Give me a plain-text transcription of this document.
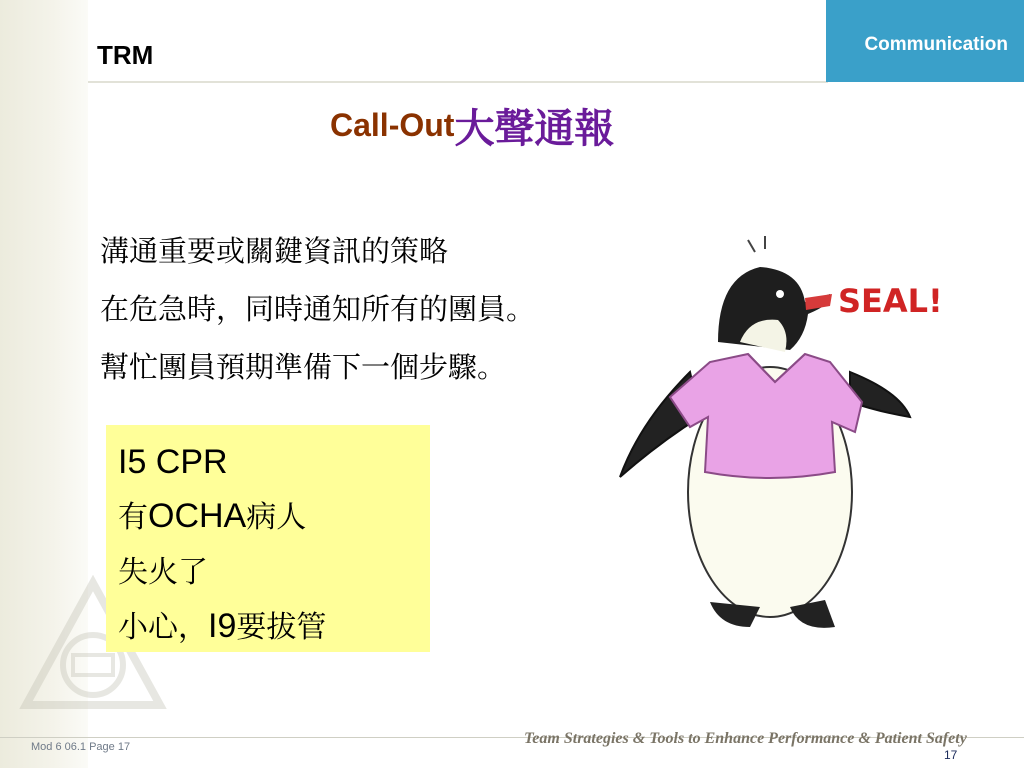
TRM	Communication
Call-Out大聲通報
溝通重要或關鍵資訊的策略
在危急時，同時通知所有的團員。
幫忙團員預期準備下一個步驟。
I5 CPR
有OCHA病人
失火了
小心，I9要拔管
SEAL!
Mod 6 06.1 Page 17	Team Strategies & Tools to Enhance Performance & Patient Safety
17
